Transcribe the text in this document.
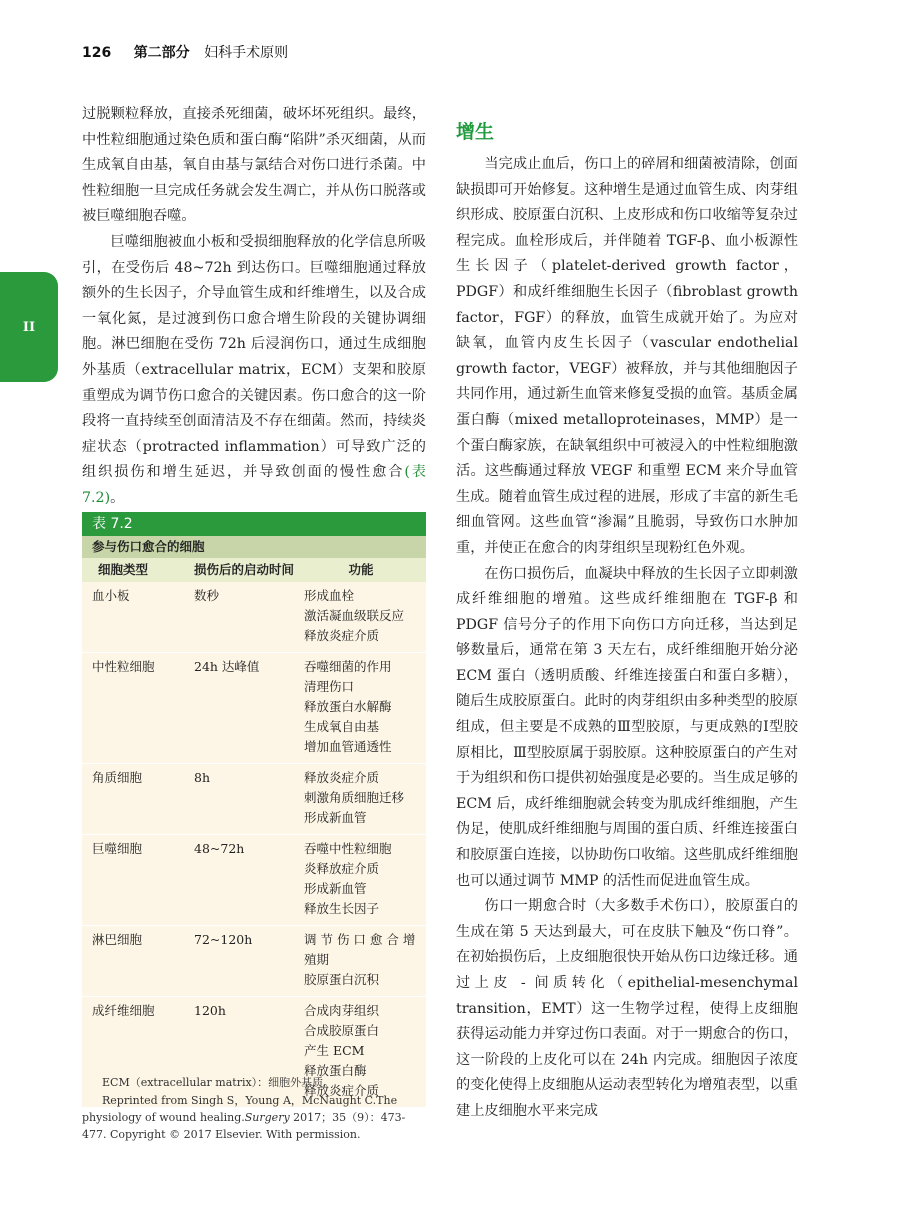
126 第二部分 妇科手术原则
II

过脱颗粒释放，直接杀死细菌，破坏坏死组织。最终，中性粒细胞通过染色质和蛋白酶“陷阱”杀灭细菌，从而生成氧自由基，氧自由基与氯结合对伤口进行杀菌。中性粒细胞一旦完成任务就会发生凋亡，并从伤口脱落或被巨噬细胞吞噬。

巨噬细胞被血小板和受损细胞释放的化学信息所吸引，在受伤后 48~72h 到达伤口。巨噬细胞通过释放额外的生长因子，介导血管生成和纤维增生，以及合成一氧化氮，是过渡到伤口愈合增生阶段的关键协调细胞。淋巴细胞在受伤 72h 后浸润伤口，通过生成细胞外基质（extracellular matrix，ECM）支架和胶原重塑成为调节伤口愈合的关键因素。伤口愈合的这一阶段将一直持续至创面清洁及不存在细菌。然而，持续炎症状态（protracted inflammation）可导致广泛的组织损伤和增生延迟，并导致创面的慢性愈合(表 7.2)。

表 7.2
参与伤口愈合的细胞
细胞类型	损伤后的启动时间	功能
血小板	数秒	形成血栓
激活凝血级联反应
释放炎症介质
中性粒细胞	24h 达峰值	吞噬细菌的作用
清理伤口
释放蛋白水解酶
生成氧自由基
增加血管通透性
角质细胞	8h	释放炎症介质
刺激角质细胞迁移
形成新血管
巨噬细胞	48~72h	吞噬中性粒细胞
炎释放症介质
形成新血管
释放生长因子
淋巴细胞	72~120h	调 节 伤 口 愈 合 增
殖期
胶原蛋白沉积
成纤维细胞	120h	合成肉芽组织
合成胶原蛋白
产生 ECM
释放蛋白酶
释放炎症介质
ECM（extracellular matrix）：细胞外基质。
Reprinted from Singh S，Young A，McNaught C.The physiology of wound healing.Surgery 2017；35（9）：473-477. Copyright © 2017 Elsevier. With permission.
增生

当完成止血后，伤口上的碎屑和细菌被清除，创面缺损即可开始修复。这种增生是通过血管生成、肉芽组织形成、胶原蛋白沉积、上皮形成和伤口收缩等复杂过程完成。血栓形成后，并伴随着 TGF-β、血小板源性生长因子（platelet-derived growth factor，PDGF）和成纤维细胞生长因子（fibroblast growth factor，FGF）的释放，血管生成就开始了。为应对缺氧，血管内皮生长因子（vascular endothelial growth factor，VEGF）被释放，并与其他细胞因子共同作用，通过新生血管来修复受损的血管。基质金属蛋白酶（mixed metalloproteinases，MMP）是一个蛋白酶家族，在缺氧组织中可被浸入的中性粒细胞激活。这些酶通过释放 VEGF 和重塑 ECM 来介导血管生成。随着血管生成过程的进展，形成了丰富的新生毛细血管网。这些血管“渗漏”且脆弱，导致伤口水肿加重，并使正在愈合的肉芽组织呈现粉红色外观。

在伤口损伤后，血凝块中释放的生长因子立即刺激成纤维细胞的增殖。这些成纤维细胞在 TGF-β 和 PDGF 信号分子的作用下向伤口方向迁移，当达到足够数量后，通常在第 3 天左右，成纤维细胞开始分泌 ECM 蛋白（透明质酸、纤维连接蛋白和蛋白多糖），随后生成胶原蛋白。此时的肉芽组织由多种类型的胶原组成，但主要是不成熟的Ⅲ型胶原，与更成熟的Ⅰ型胶原相比，Ⅲ型胶原属于弱胶原。这种胶原蛋白的产生对于为组织和伤口提供初始强度是必要的。当生成足够的 ECM 后，成纤维细胞就会转变为肌成纤维细胞，产生伪足，使肌成纤维细胞与周围的蛋白质、纤维连接蛋白和胶原蛋白连接，以协助伤口收缩。这些肌成纤维细胞也可以通过调节 MMP 的活性而促进血管生成。

伤口一期愈合时（大多数手术伤口），胶原蛋白的生成在第 5 天达到最大，可在皮肤下触及“伤口脊”。在初始损伤后，上皮细胞很快开始从伤口边缘迁移。通过上皮 - 间质转化（epithelial-mesenchymal transition，EMT）这一生物学过程，使得上皮细胞获得运动能力并穿过伤口表面。对于一期愈合的伤口，这一阶段的上皮化可以在 24h 内完成。细胞因子浓度的变化使得上皮细胞从运动表型转化为增殖表型，以重建上皮细胞水平来完成
